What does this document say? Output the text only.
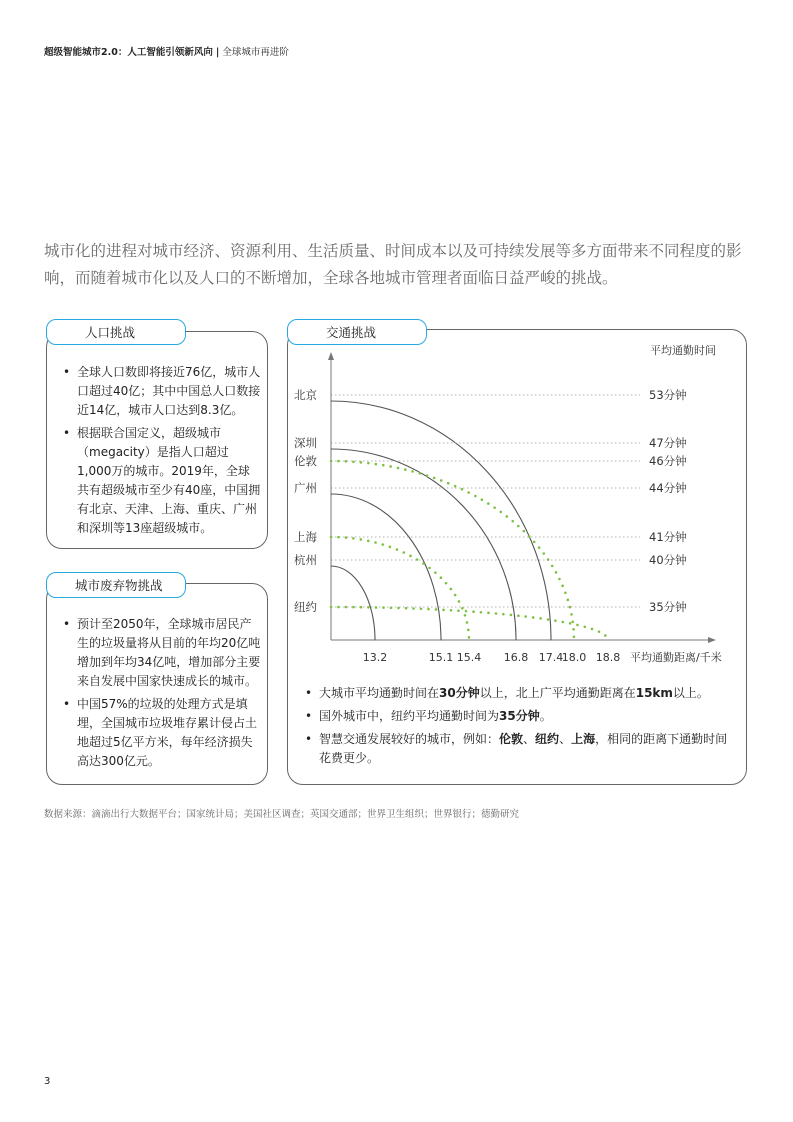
超级智能城市2.0：人工智能引领新风向 | 全球城市再进阶

城市化的进程对城市经济、资源利用、生活质量、时间成本以及可持续发展等多方面带来不同程度的影响，而随着城市化以及人口的不断增加，全球各地城市管理者面临日益严峻的挑战。

• 全球人口数即将接近76亿，城市人口超过40亿；其中中国总人口数接近14亿，城市人口达到8.3亿。
• 根据联合国定义，超级城市（megacity）是指人口超过1,000万的城市。2019年，全球共有超级城市至少有40座，中国拥有北京、天津、上海、重庆、广州和深圳等13座超级城市。
人口挑战
• 预计至2050年，全球城市居民产生的垃圾量将从目前的年均20亿吨增加到年均34亿吨，增加部分主要来自发展中国家快速成长的城市。
• 中国57%的垃圾的处理方式是填埋，全国城市垃圾堆存累计侵占土地超过5亿平方米，每年经济损失高达300亿元。
城市废弃物挑战
交通挑战
平均通勤时间
平均通勤距离/千米
13.2	15.1 15.4 16.8 17.4
18.0 18.8
北京	53分钟
深圳	47分钟
伦敦	46分钟
广州	44分钟
上海	41分钟
杭州	40分钟
纽约	35分钟
• 大城市平均通勤时间在30分钟以上，北上广平均通勤距离在15km以上。
• 国外城市中，纽约平均通勤时间为35分钟。
• 智慧交通发展较好的城市，例如：伦敦、纽约、上海，相同的距离下通勤时间花费更少。
数据来源：滴滴出行大数据平台；国家统计局；美国社区调查；英国交通部；世界卫生组织；世界银行；德勤研究
3
